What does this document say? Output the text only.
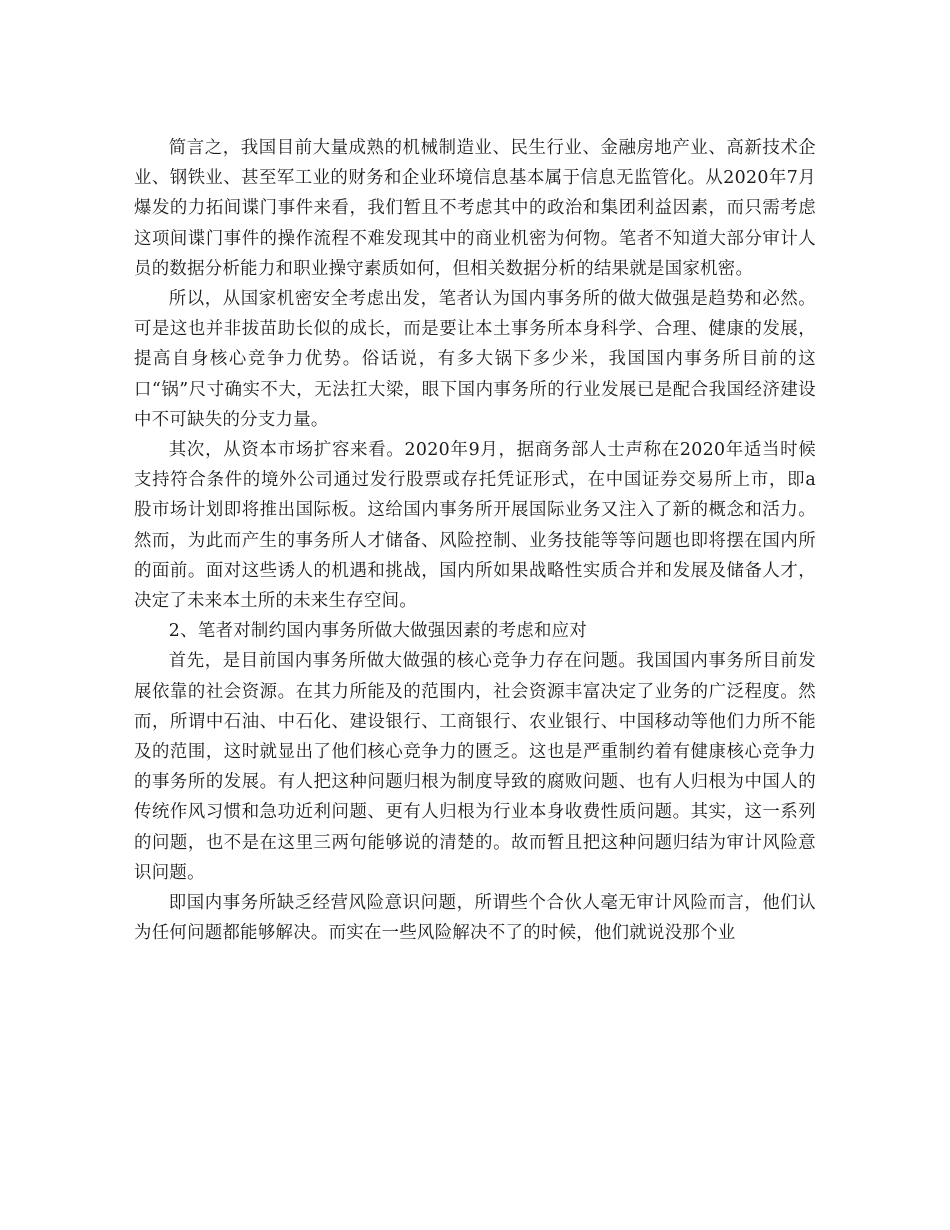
简言之，我国目前大量成熟的机械制造业、民生行业、金融房地产业、高新技术企业、钢铁业、甚至军工业的财务和企业环境信息基本属于信息无监管化。从2020年7月爆发的力拓间谍门事件来看，我们暂且不考虑其中的政治和集团利益因素，而只需考虑这项间谍门事件的操作流程不难发现其中的商业机密为何物。笔者不知道大部分审计人员的数据分析能力和职业操守素质如何，但相关数据分析的结果就是国家机密。

所以，从国家机密安全考虑出发，笔者认为国内事务所的做大做强是趋势和必然。可是这也并非拔苗助长似的成长，而是要让本土事务所本身科学、合理、健康的发展，提高自身核心竞争力优势。俗话说，有多大锅下多少米，我国国内事务所目前的这口“锅”尺寸确实不大，无法扛大梁，眼下国内事务所的行业发展已是配合我国经济建设中不可缺失的分支力量。

其次，从资本市场扩容来看。2020年9月，据商务部人士声称在2020年适当时候支持符合条件的境外公司通过发行股票或存托凭证形式，在中国证券交易所上市，即a股市场计划即将推出国际板。这给国内事务所开展国际业务又注入了新的概念和活力。然而，为此而产生的事务所人才储备、风险控制、业务技能等等问题也即将摆在国内所的面前。面对这些诱人的机遇和挑战，国内所如果战略性实质合并和发展及储备人才，决定了未来本土所的未来生存空间。

2、笔者对制约国内事务所做大做强因素的考虑和应对

首先，是目前国内事务所做大做强的核心竞争力存在问题。我国国内事务所目前发展依靠的社会资源。在其力所能及的范围内，社会资源丰富决定了业务的广泛程度。然而，所谓中石油、中石化、建设银行、工商银行、农业银行、中国移动等他们力所不能及的范围，这时就显出了他们核心竞争力的匮乏。这也是严重制约着有健康核心竞争力的事务所的发展。有人把这种问题归根为制度导致的腐败问题、也有人归根为中国人的传统作风习惯和急功近利问题、更有人归根为行业本身收费性质问题。其实，这一系列的问题，也不是在这里三两句能够说的清楚的。故而暂且把这种问题归结为审计风险意识问题。

即国内事务所缺乏经营风险意识问题，所谓些个合伙人毫无审计风险而言，他们认为任何问题都能够解决。而实在一些风险解决不了的时候，他们就说没那个业
